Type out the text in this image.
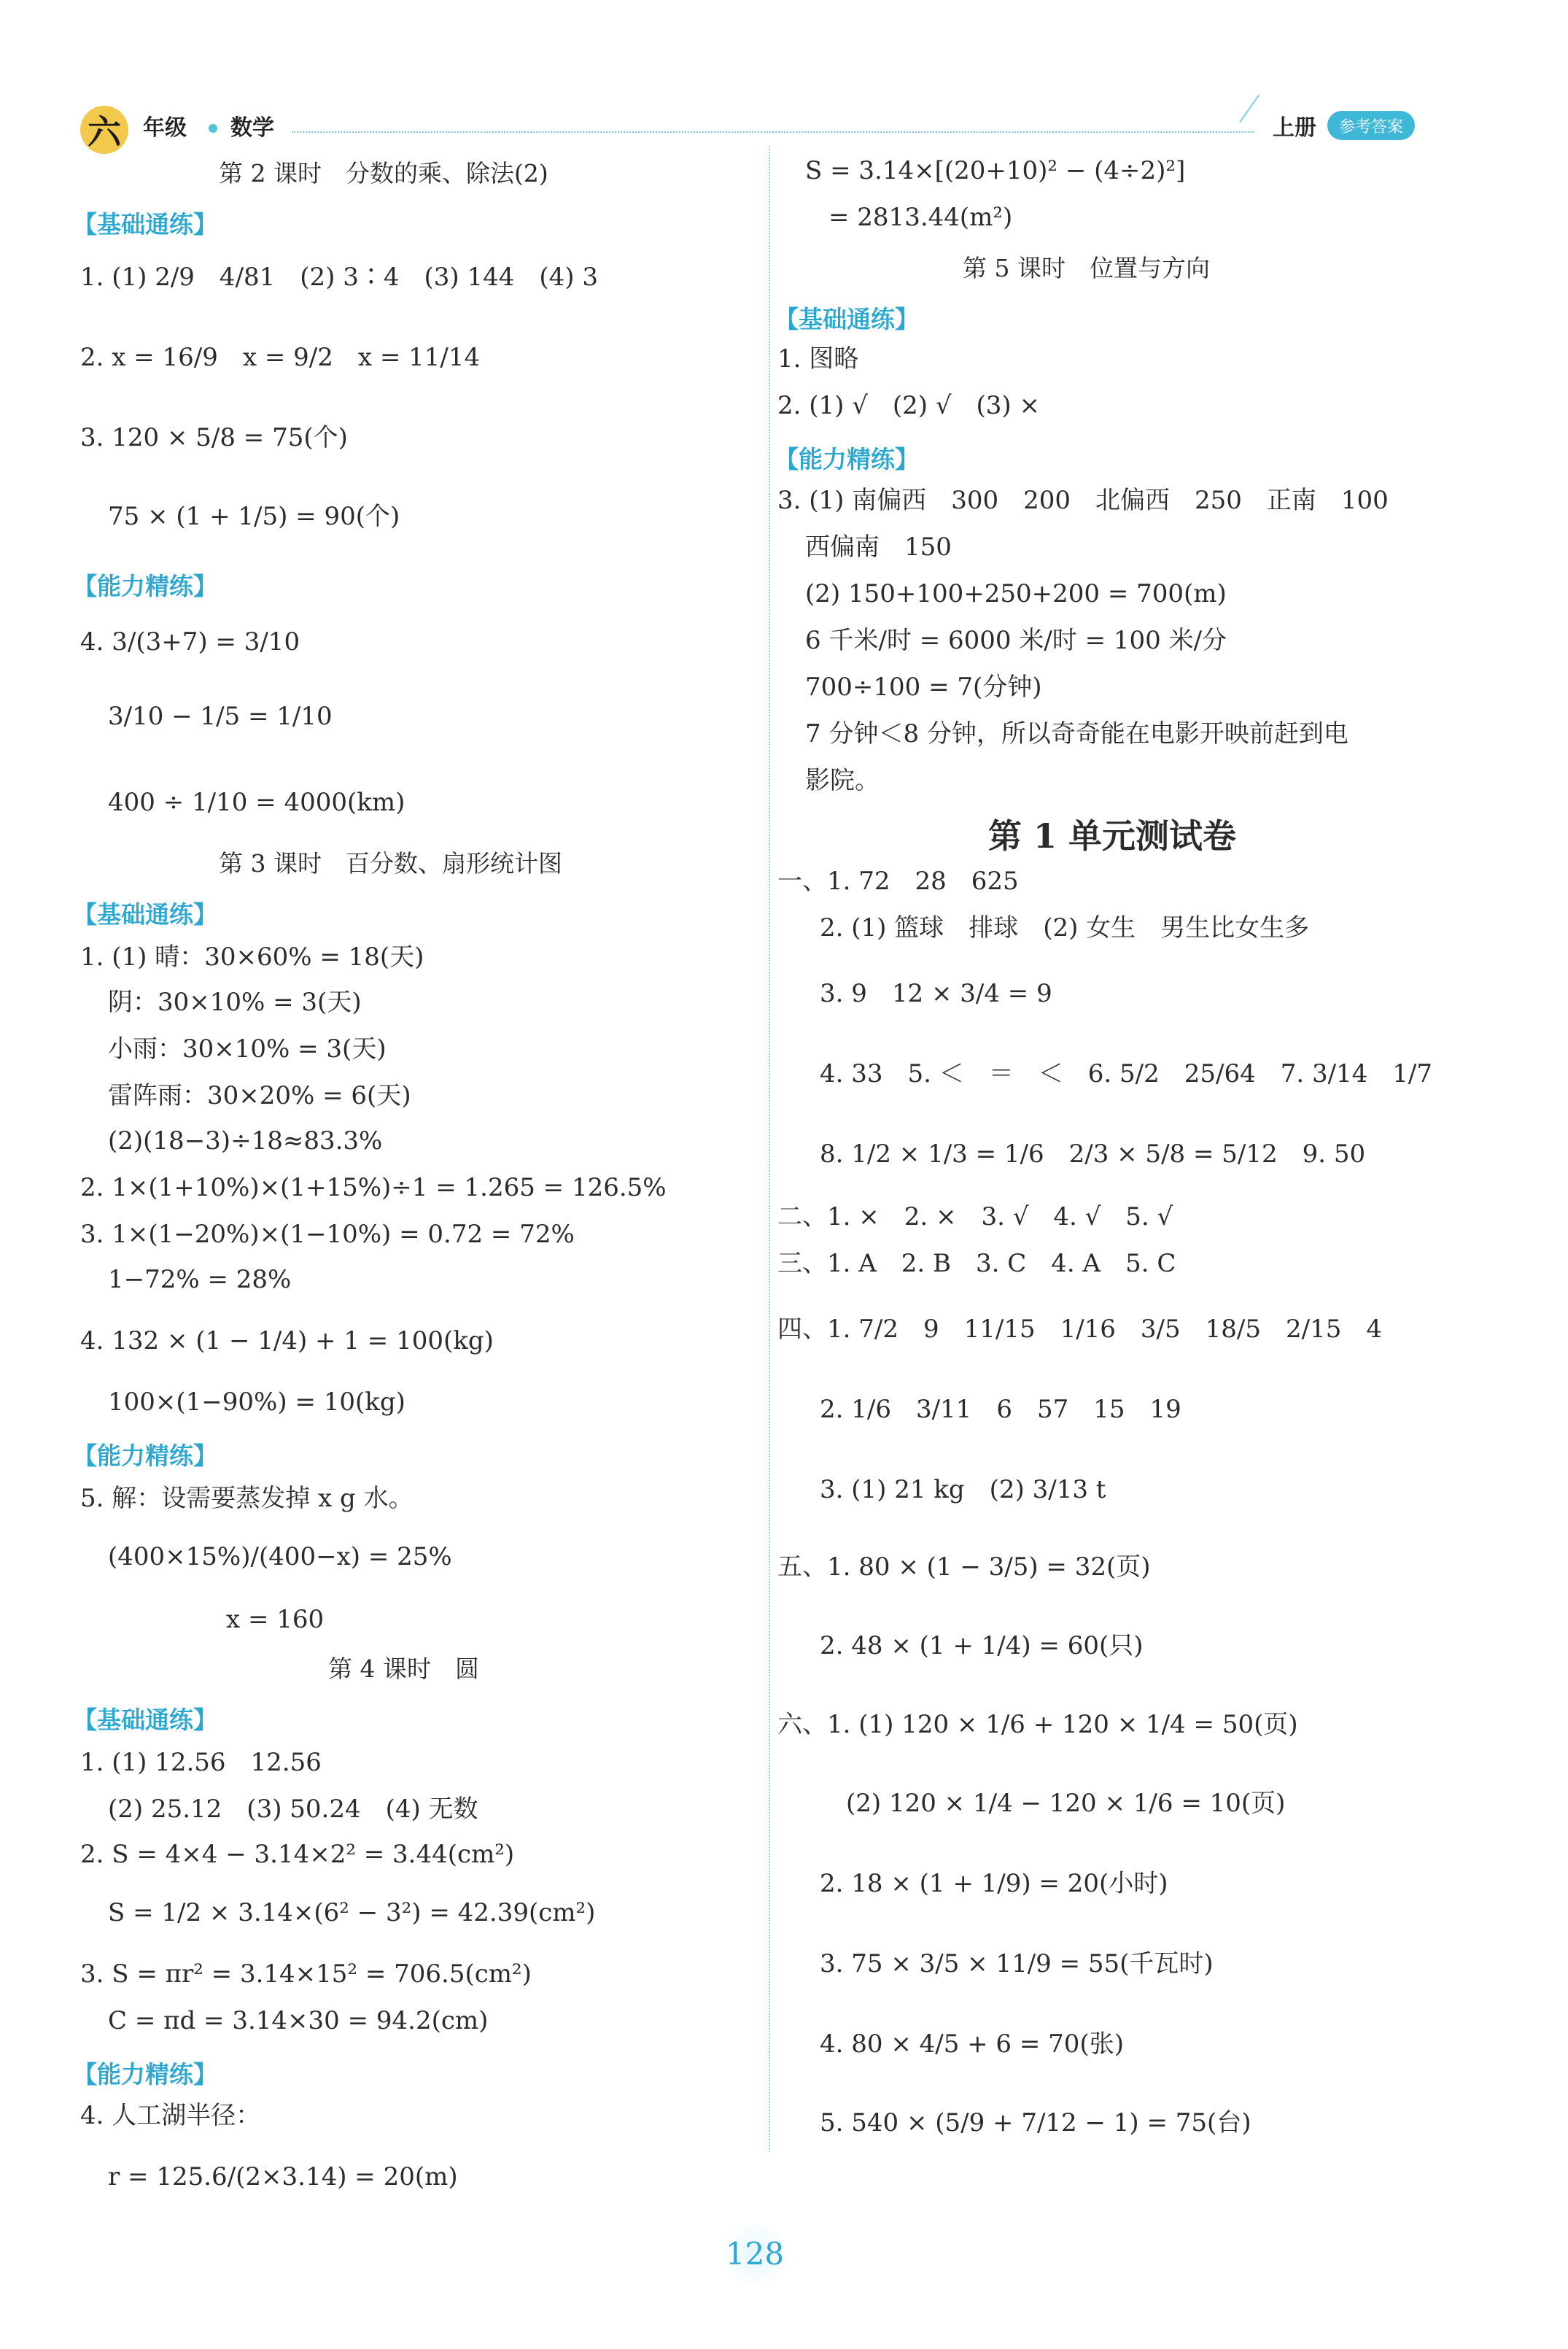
六	年级 数学	上册	参考答案
第 2 课时　分数的乘、除法(2)
【基础通练】
1. (1) 2/9　4/81　(2) 3∶4　(3) 144　(4) 3
2. x = 16/9　x = 9/2　x = 11/14
3. 120 × 5/8 = 75(个)
75 × (1 + 1/5) = 90(个)
【能力精练】
4. 3/(3+7) = 3/10
3/10 − 1/5 = 1/10
400 ÷ 1/10 = 4000(km)
第 3 课时　百分数、扇形统计图
【基础通练】
1. (1) 晴：30×60% = 18(天)
阴：30×10% = 3(天)
小雨：30×10% = 3(天)
雷阵雨：30×20% = 6(天)
(2)(18−3)÷18≈83.3%
2. 1×(1+10%)×(1+15%)÷1 = 1.265 = 126.5%
3. 1×(1−20%)×(1−10%) = 0.72 = 72%
1−72% = 28%
4. 132 × (1 − 1/4) + 1 = 100(kg)
100×(1−90%) = 10(kg)
【能力精练】
5. 解：设需要蒸发掉 x g 水。
(400×15%)/(400−x) = 25%
x = 160
第 4 课时　圆
【基础通练】
1. (1) 12.56　12.56
(2) 25.12　(3) 50.24　(4) 无数
2. S = 4×4 − 3.14×2² = 3.44(cm²)
S = 1/2 × 3.14×(6² − 3²) = 42.39(cm²)
3. S = πr² = 3.14×15² = 706.5(cm²)
C = πd = 3.14×30 = 94.2(cm)
【能力精练】
4. 人工湖半径：
r = 125.6/(2×3.14) = 20(m)
S = 3.14×[(20+10)² − (4÷2)²]
= 2813.44(m²)
第 5 课时　位置与方向
【基础通练】
1. 图略
2. (1) √　(2) √　(3) ×
【能力精练】
3. (1) 南偏西　300　200　北偏西　250　正南　100
西偏南　150
(2) 150+100+250+200 = 700(m)
6 千米/时 = 6000 米/时 = 100 米/分
700÷100 = 7(分钟)
7 分钟＜8 分钟，所以奇奇能在电影开映前赶到电
影院。
第 1 单元测试卷
一、1. 72　28　625
2. (1) 篮球　排球　(2) 女生　男生比女生多
3. 9　12 × 3/4 = 9
4. 33　5. ＜　＝　＜　6. 5/2　25/64　7. 3/14　1/7
8. 1/2 × 1/3 = 1/6　2/3 × 5/8 = 5/12　9. 50
二、1. ×　2. ×　3. √　4. √　5. √
三、1. A　2. B　3. C　4. A　5. C
四、1. 7/2　9　11/15　1/16　3/5　18/5　2/15　4
2. 1/6　3/11　6　57　15　19
3. (1) 21 kg　(2) 3/13 t
五、1. 80 × (1 − 3/5) = 32(页)
2. 48 × (1 + 1/4) = 60(只)
六、1. (1) 120 × 1/6 + 120 × 1/4 = 50(页)
(2) 120 × 1/4 − 120 × 1/6 = 10(页)
2. 18 × (1 + 1/9) = 20(小时)
3. 75 × 3/5 × 11/9 = 55(千瓦时)
4. 80 × 4/5 + 6 = 70(张)
5. 540 × (5/9 + 7/12 − 1) = 75(台)
128
